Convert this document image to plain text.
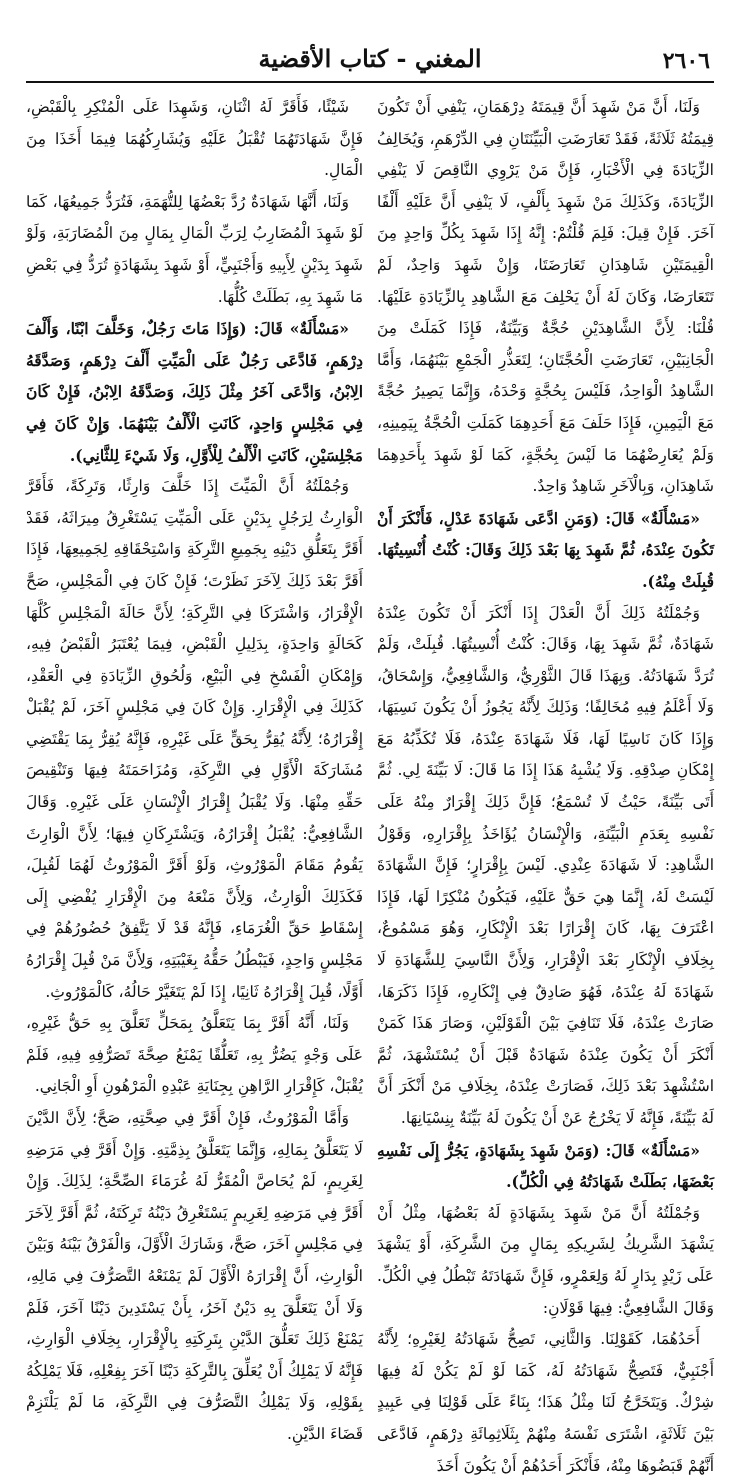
٢٦٠٦
المغني - كتاب الأقضية

وَلَنَا، أَنَّ مَنْ شَهِدَ أَنَّ قِيمَتَهُ دِرْهَمَانِ، يَنْفِي أَنْ تَكُونَ قِيمَتُهُ ثَلَاثَةً، فَقَدْ تَعَارَضَتِ الْبَيِّنَتَانِ فِي الدِّرْهَمِ، وَيُخَالِفُ الزِّيَادَةَ فِي الْأَخْبَارِ، فَإِنَّ مَنْ يَرْوِي النَّاقِصَ لَا يَنْفِي الزِّيَادَةَ، وَكَذَلِكَ مَنْ شَهِدَ بِأَلْفٍ، لَا يَنْفِي أَنَّ عَلَيْهِ أَلْفًا آخَرَ. فَإِنْ قِيلَ: فَلِمَ قُلْتُمْ: إِنَّهُ إِذَا شَهِدَ بِكُلِّ وَاحِدٍ مِنَ الْقِيمَتَيْنِ شَاهِدَانِ تَعَارَضَتَا، وَإِنْ شَهِدَ وَاحِدٌ، لَمْ تَتَعَارَضَا، وَكَانَ لَهُ أَنْ يَحْلِفَ مَعَ الشَّاهِدِ بِالزِّيَادَةِ عَلَيْهَا. قُلْنَا: لِأَنَّ الشَّاهِدَيْنِ حُجَّةٌ وَبَيِّنَةٌ، فَإِذَا كَمَلَتْ مِنَ الْجَانِبَيْنِ، تَعَارَضَتِ الْحُجَّتَانِ؛ لِتَعَذُّرِ الْجَمْعِ بَيْنَهُمَا، وَأَمَّا الشَّاهِدُ الْوَاحِدُ، فَلَيْسَ بِحُجَّةٍ وَحْدَهُ، وَإِنَّمَا يَصِيرُ حُجَّةً مَعَ الْيَمِينِ، فَإِذَا حَلَفَ مَعَ أَحَدِهِمَا كَمَلَتِ الْحُجَّةُ بِيَمِينِهِ، وَلَمْ يُعَارِضْهُمَا مَا لَيْسَ بِحُجَّةٍ، كَمَا لَوْ شَهِدَ بِأَحَدِهِمَا شَاهِدَانِ، وَبِالْآخَرِ شَاهِدٌ وَاحِدٌ.

«مَسْأَلَةٌ» قَالَ: (وَمَنِ ادَّعَى شَهَادَةَ عَدْلٍ، فَأَنْكَرَ أَنْ تَكُونَ عِنْدَهُ، ثُمَّ شَهِدَ بِهَا بَعْدَ ذَلِكَ وَقَالَ: كُنْتُ أُنْسِيتُهَا. قُبِلَتْ مِنْهُ).

وَجُمْلَتُهُ ذَلِكَ أَنَّ الْعَدْلَ إِذَا أَنْكَرَ أَنْ تَكُونَ عِنْدَهُ شَهَادَةٌ، ثُمَّ شَهِدَ بِهَا، وَقَالَ: كُنْتُ أُنْسِيتُهَا. قُبِلَتْ، وَلَمْ تُرَدَّ شَهَادَتُهُ. وَبِهَذَا قَالَ الثَّوْرِيُّ، وَالشَّافِعِيُّ، وَإِسْحَاقُ، وَلَا أَعْلَمُ فِيهِ مُخَالِفًا؛ وَذَلِكَ لِأَنَّهُ يَجُوزُ أَنْ يَكُونَ نَسِيَهَا، وَإِذَا كَانَ نَاسِيًا لَهَا، فَلَا شَهَادَةَ عِنْدَهُ، فَلَا تُكَذِّبُهُ مَعَ إِمْكَانِ صِدْقِهِ. وَلَا يُشْبِهُ هَذَا إِذَا مَا قَالَ: لَا بَيِّنَةَ لِي. ثُمَّ أَتَى بَيِّنَةً، حَيْثُ لَا تُسْمَعُ؛ فَإِنَّ ذَلِكَ إِقْرَارٌ مِنْهُ عَلَى نَفْسِهِ بِعَدَمِ الْبَيِّنَةِ، وَالْإِنْسَانُ يُؤَاخَذُ بِإِقْرَارِهِ، وَقَوْلُ الشَّاهِدِ: لَا شَهَادَةَ عِنْدِي. لَيْسَ بِإِقْرَارٍ؛ فَإِنَّ الشَّهَادَةَ لَيْسَتْ لَهُ، إِنَّمَا هِيَ حَقٌّ عَلَيْهِ، فَيَكُونُ مُنْكِرًا لَهَا، فَإِذَا اعْتَرَفَ بِهَا، كَانَ إِقْرَارًا بَعْدَ الْإِنْكَارِ، وَهُوَ مَسْمُوعٌ، بِخِلَافِ الْإِنْكَارِ بَعْدَ الْإِقْرَارِ، وَلِأَنَّ النَّاسِيَ لِلشَّهَادَةِ لَا شَهَادَةَ لَهُ عِنْدَهُ، فَهُوَ صَادِقٌ فِي إِنْكَارِهِ، فَإِذَا ذَكَرَهَا، صَارَتْ عِنْدَهُ، فَلَا تَنَافِيَ بَيْنَ الْقَوْلَيْنِ، وَصَارَ هَذَا كَمَنْ أَنْكَرَ أَنْ يَكُونَ عِنْدَهُ شَهَادَةٌ قَبْلَ أَنْ يُسْتَشْهَدَ، ثُمَّ اسْتُشْهِدَ بَعْدَ ذَلِكَ، فَصَارَتْ عِنْدَهُ، بِخِلَافِ مَنْ أَنْكَرَ أَنَّ لَهُ بَيِّنَةً، فَإِنَّهُ لَا يَخْرُجُ عَنْ أَنْ يَكُونَ لَهُ بَيِّنَةٌ بِنِسْيَانِهَا.

«مَسْأَلَةٌ» قَالَ: (وَمَنْ شَهِدَ بِشَهَادَةٍ، يَجُرُّ إِلَى نَفْسِهِ بَعْضَهَا، بَطَلَتْ شَهَادَتُهُ فِي الْكُلِّ).

وَجُمْلَتُهُ أَنَّ مَنْ شَهِدَ بِشَهَادَةٍ لَهُ بَعْضُهَا، مِثْلُ أَنْ يَشْهَدَ الشَّرِيكُ لِشَرِيكِهِ بِمَالٍ مِنَ الشَّرِكَةِ، أَوْ يَشْهَدَ عَلَى زَيْدٍ بِدَارٍ لَهُ وَلِعَمْرٍو، فَإِنَّ شَهَادَتَهُ تَبْطُلُ فِي الْكُلِّ. وَقَالَ الشَّافِعِيُّ: فِيهَا قَوْلَانِ:

أَحَدُهُمَا، كَقَوْلِنَا. وَالثَّانِي، تَصِحُّ شَهَادَتُهُ لِغَيْرِهِ؛ لِأَنَّهُ أَجْنَبِيٌّ، فَتَصِحُّ شَهَادَتُهُ لَهُ، كَمَا لَوْ لَمْ يَكُنْ لَهُ فِيهَا شِرْكٌ. وَيَتَخَرَّجُ لَنَا مِثْلُ هَذَا؛ بِنَاءً عَلَى قَوْلِنَا فِي عَبِيدٍ بَيْنَ ثَلَاثَةٍ، اشْتَرَى نَفْسَهُ مِنْهُمْ بِثَلَاثِمِائَةِ دِرْهَمٍ، فَادَّعَى أَنَّهُمْ قَبَضُوهَا مِنْهُ، فَأَنْكَرَ أَحَدُهُمْ أَنْ يَكُونَ أَخَذَ

شَيْئًا، فَأَقَرَّ لَهُ اثْنَانِ، وَشَهِدَا عَلَى الْمُنْكِرِ بِالْقَبْضِ، فَإِنَّ شَهَادَتَهُمَا تُقْبَلُ عَلَيْهِ وَيُشَارِكُهُمَا فِيمَا أَخَذَا مِنَ الْمَالِ.

وَلَنَا، أَنَّهَا شَهَادَةٌ رُدَّ بَعْضُهَا لِلتُّهَمَةِ، فَتُرَدُّ جَمِيعُهَا، كَمَا لَوْ شَهِدَ الْمُضَارِبُ لِرَبِّ الْمَالِ بِمَالٍ مِنَ الْمُضَارَبَةِ، وَلَوْ شَهِدَ بِدَيْنٍ لِأَبِيهِ وَأَجْنَبِيٍّ، أَوْ شَهِدَ بِشَهَادَةٍ تُرَدُّ فِي بَعْضِ مَا شَهِدَ بِهِ، بَطَلَتْ كُلُّهَا.

«مَسْأَلَةٌ» قَالَ: (وَإِذَا مَاتَ رَجُلٌ، وَخَلَّفَ ابْنًا، وَأَلْفَ دِرْهَمٍ، فَادَّعَى رَجُلٌ عَلَى الْمَيِّتِ أَلْفَ دِرْهَمٍ، وَصَدَّقَهُ الِابْنُ، وَادَّعَى آخَرُ مِثْلَ ذَلِكَ، وَصَدَّقَهُ الِابْنُ، فَإِنْ كَانَ فِي مَجْلِسٍ وَاحِدٍ، كَانَتِ الْأَلْفُ بَيْنَهُمَا. وَإِنْ كَانَ فِي مَجْلِسَيْنِ، كَانَتِ الْأَلْفُ لِلْأَوَّلِ، وَلَا شَيْءَ لِلثَّانِي).

وَجُمْلَتُهُ أَنَّ الْمَيِّتَ إِذَا خَلَّفَ وَارِثًا، وَتَرِكَةً، فَأَقَرَّ الْوَارِثُ لِرَجُلٍ بِدَيْنٍ عَلَى الْمَيِّتِ يَسْتَغْرِقُ مِيرَاثَهُ، فَقَدْ أَقَرَّ بِتَعَلُّقِ دَيْنِهِ بِجَمِيعِ التَّرِكَةِ وَاسْتِحْقَاقِهِ لِجَمِيعِهَا، فَإِذَا أَقَرَّ بَعْدَ ذَلِكَ لِآخَرَ نَظَرْتَ؛ فَإِنْ كَانَ فِي الْمَجْلِسِ، صَحَّ الْإِقْرَارُ، وَاشْتَرَكَا فِي التَّرِكَةِ؛ لِأَنَّ حَالَةَ الْمَجْلِسِ كُلَّهَا كَحَالَةٍ وَاحِدَةٍ، بِدَلِيلِ الْقَبْضِ، فِيمَا يُعْتَبَرُ الْقَبْضُ فِيهِ، وَإِمْكَانِ الْفَسْخِ فِي الْبَيْعِ، وَلُحُوقِ الزِّيَادَةِ فِي الْعَقْدِ، كَذَلِكَ فِي الْإِقْرَارِ. وَإِنْ كَانَ فِي مَجْلِسٍ آخَرَ، لَمْ يُقْبَلْ إِقْرَارُهُ؛ لِأَنَّهُ يُقِرُّ بِحَقٍّ عَلَى غَيْرِهِ، فَإِنَّهُ يُقِرُّ بِمَا يَقْتَضِي مُشَارَكَةَ الْأَوَّلِ فِي التَّرِكَةِ، وَمُزَاحَمَتَهُ فِيهَا وَتَنْقِيصَ حَقِّهِ مِنْهَا. وَلَا يُقْبَلُ إِقْرَارُ الْإِنْسَانِ عَلَى غَيْرِهِ. وَقَالَ الشَّافِعِيُّ: يُقْبَلُ إِقْرَارُهُ، وَيَشْتَرِكَانِ فِيهَا؛ لِأَنَّ الْوَارِثَ يَقُومُ مَقَامَ الْمَوْرُوثِ، وَلَوْ أَقَرَّ الْمَوْرُوثُ لَهُمَا لَقُبِلَ، فَكَذَلِكَ الْوَارِثُ، وَلِأَنَّ مَنْعَهُ مِنَ الْإِقْرَارِ يُفْضِي إِلَى إِسْقَاطِ حَقِّ الْغُرَمَاءِ، فَإِنَّهُ قَدْ لَا يَتَّفِقُ حُضُورُهُمْ فِي مَجْلِسٍ وَاحِدٍ، فَيَبْطُلُ حَقُّهُ بِغَيْبَتِهِ، وَلِأَنَّ مَنْ قُبِلَ إِقْرَارُهُ أَوَّلًا، قُبِلَ إِقْرَارُهُ ثَانِيًا، إِذَا لَمْ يَتَغَيَّرْ حَالُهُ، كَالْمَوْرُوثِ.

وَلَنَا، أَنَّهُ أَقَرَّ بِمَا يَتَعَلَّقُ بِمَحَلٍّ تَعَلَّقَ بِهِ حَقُّ غَيْرِهِ، عَلَى وَجْهٍ يَضُرُّ بِهِ، تَعَلُّقًا يَمْنَعُ صِحَّةَ تَصَرُّفِهِ فِيهِ، فَلَمْ يُقْبَلْ، كَإِقْرَارِ الرَّاهِنِ بِجِنَايَةِ عَبْدِهِ الْمَرْهُونِ أَوِ الْجَانِي.

وَأَمَّا الْمَوْرُوثُ، فَإِنْ أَقَرَّ فِي صِحَّتِهِ، صَحَّ؛ لِأَنَّ الدَّيْنَ لَا يَتَعَلَّقُ بِمَالِهِ، وَإِنَّمَا يَتَعَلَّقُ بِذِمَّتِهِ. وَإِنْ أَقَرَّ فِي مَرَضِهِ لِغَرِيمٍ، لَمْ يُحَاصَّ الْمُقَرُّ لَهُ غُرَمَاءَ الصِّحَّةِ؛ لِذَلِكَ. وَإِنْ أَقَرَّ فِي مَرَضِهِ لِغَرِيمٍ يَسْتَغْرِقُ دَيْنُهُ تَرِكَتَهُ، ثُمَّ أَقَرَّ لِآخَرَ فِي مَجْلِسٍ آخَرَ، صَحَّ، وَشَارَكَ الْأَوَّلَ، وَالْفَرْقُ بَيْنَهُ وَبَيْنَ الْوَارِثِ، أَنَّ إِقْرَارَهُ الْأَوَّلَ لَمْ يَمْنَعْهُ التَّصَرُّفَ فِي مَالِهِ، وَلَا أَنْ يَتَعَلَّقَ بِهِ دَيْنٌ آخَرُ، بِأَنْ يَسْتَدِينَ دَيْنًا آخَرَ، فَلَمْ يَمْنَعْ ذَلِكَ تَعَلُّقَ الدَّيْنِ بِتَرِكَتِهِ بِالْإِقْرَارِ، بِخِلَافِ الْوَارِثِ، فَإِنَّهُ لَا يَمْلِكُ أَنْ يُعَلِّقَ بِالتَّرِكَةِ دَيْنًا آخَرَ بِفِعْلِهِ، فَلَا يَمْلِكُهُ بِقَوْلِهِ، وَلَا يَمْلِكُ التَّصَرُّفَ فِي التَّرِكَةِ، مَا لَمْ يَلْتَزِمْ قَضَاءَ الدَّيْنِ.
